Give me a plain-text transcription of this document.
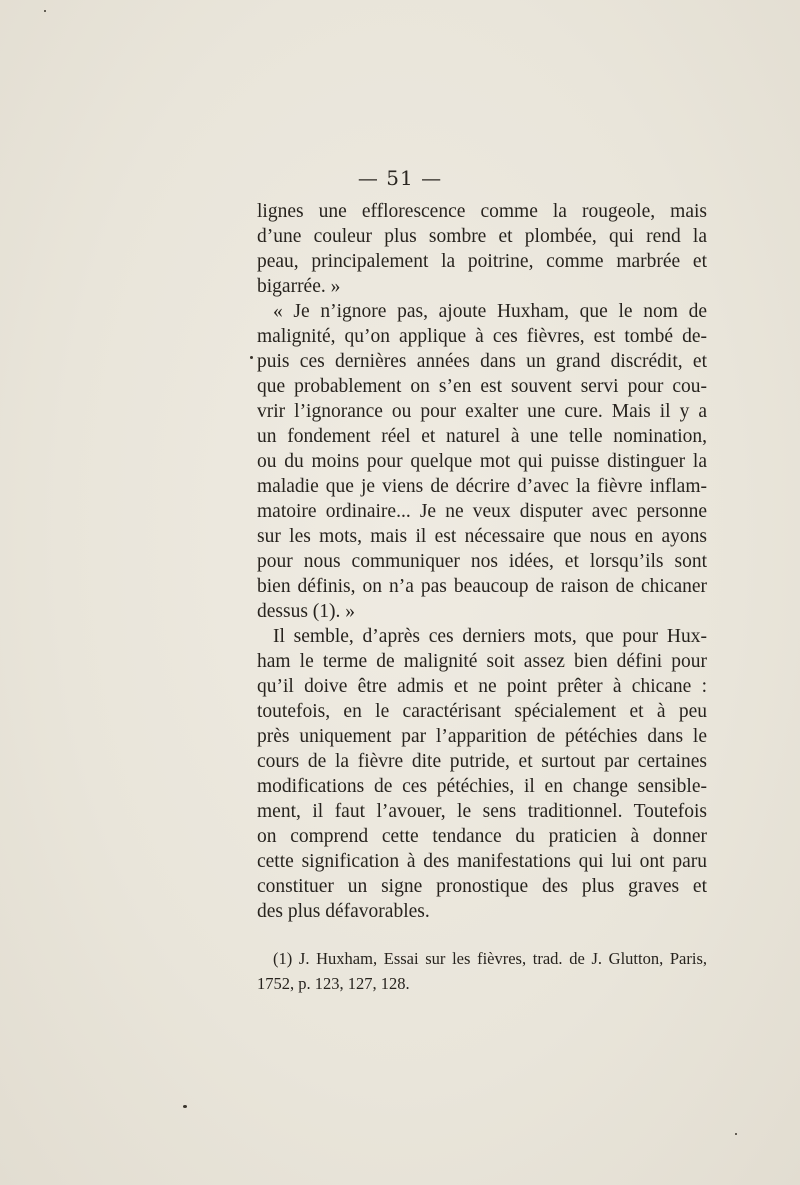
— 51 —
lignes une efflorescence comme la rougeole, mais
d’une couleur plus sombre et plombée, qui rend la
peau, principalement la poitrine, comme marbrée et
bigarrée. »
« Je n’ignore pas, ajoute Huxham, que le nom de
malignité, qu’on applique à ces fièvres, est tombé de-
puis ces dernières années dans un grand discrédit, et
que probablement on s’en est souvent servi pour cou-
vrir l’ignorance ou pour exalter une cure. Mais il y a
un fondement réel et naturel à une telle nomination,
ou du moins pour quelque mot qui puisse distinguer la
maladie que je viens de décrire d’avec la fièvre inflam-
matoire ordinaire... Je ne veux disputer avec personne
sur les mots, mais il est nécessaire que nous en ayons
pour nous communiquer nos idées, et lorsqu’ils sont
bien définis, on n’a pas beaucoup de raison de chicaner
dessus (1). »
Il semble, d’après ces derniers mots, que pour Hux-
ham le terme de malignité soit assez bien défini pour
qu’il doive être admis et ne point prêter à chicane :
toutefois, en le caractérisant spécialement et à peu
près uniquement par l’apparition de pétéchies dans le
cours de la fièvre dite putride, et surtout par certaines
modifications de ces pétéchies, il en change sensible-
ment, il faut l’avouer, le sens traditionnel. Toutefois
on comprend cette tendance du praticien à donner
cette signification à des manifestations qui lui ont paru
constituer un signe pronostique des plus graves et
des plus défavorables.
(1) J. Huxham, Essai sur les fièvres, trad. de J. Glutton, Paris,
1752, p. 123, 127, 128.
